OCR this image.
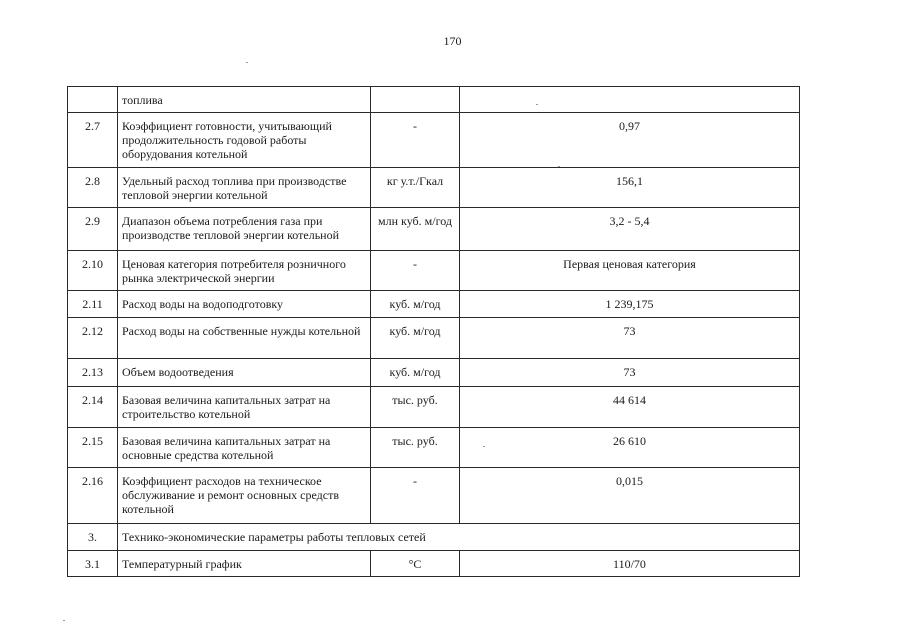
170
	топлива		
2.7	Коэффициент готовности, учитывающий продолжительность годовой работы оборудования котельной	-	0,97
2.8	Удельный расход топлива при производстве тепловой энергии котельной	кг у.т./Гкал	156,1
2.9	Диапазон объема потребления газа при производстве тепловой энергии котельной	млн куб. м/год	3,2 - 5,4
2.10	Ценовая категория потребителя розничного рынка электрической энергии	-	Первая ценовая категория
2.11	Расход воды на водоподготовку	куб. м/год	1 239,175
2.12	Расход воды на собственные нужды котельной	куб. м/год	73
2.13	Объем водоотведения	куб. м/год	73
2.14	Базовая величина капитальных затрат на строительство котельной	тыс. руб.	44 614
2.15	Базовая величина капитальных затрат на основные средства котельной	тыс. руб.	26 610
2.16	Коэффициент расходов на техническое обслуживание и ремонт основных средств котельной	-	0,015
3.	Технико-экономические параметры работы тепловых сетей		
3.1	Температурный график	°С	110/70
